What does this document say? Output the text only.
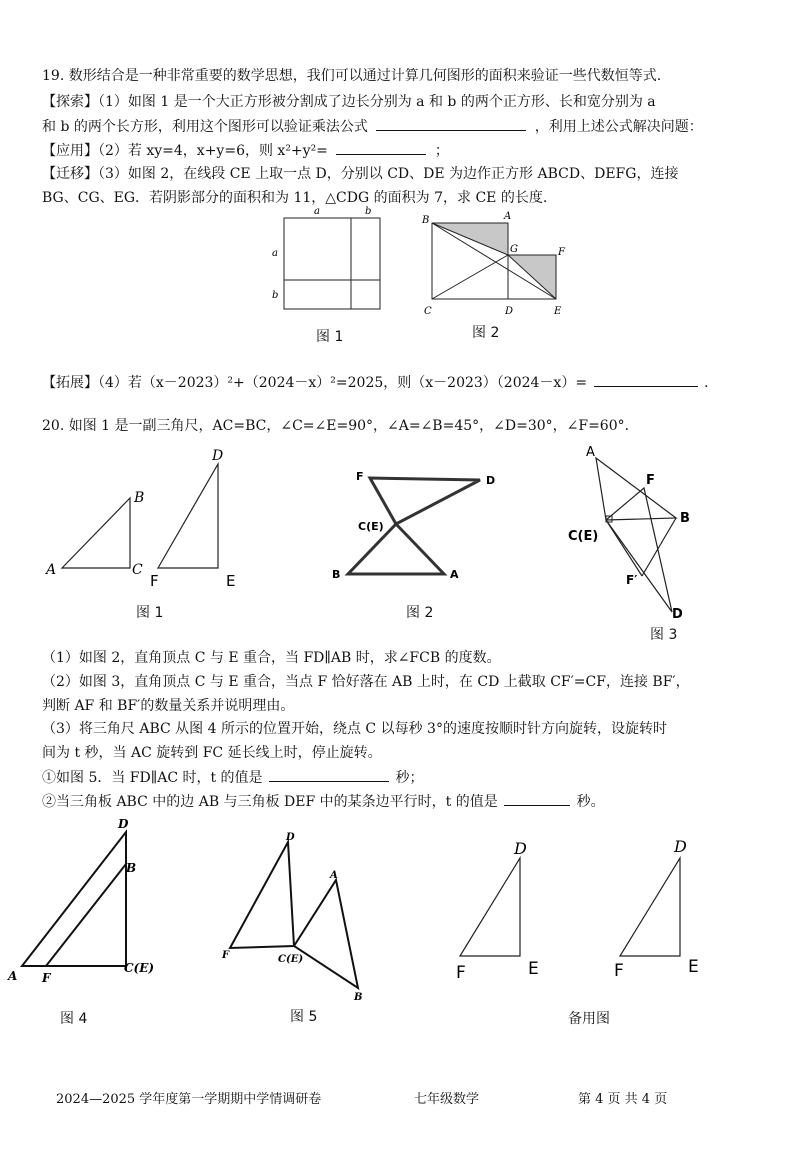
19. 数形结合是一种非常重要的数学思想，我们可以通过计算几何图形的面积来验证一些代数恒等式.
【探索】（1）如图 1 是一个大正方形被分割成了边长分别为 a 和 b 的两个正方形、长和宽分别为 a
和 b 的两个长方形，利用这个图形可以验证乘法公式	，利用上述公式解决问题：
【应用】（2）若 xy=4，x+y=6，则 x²+y²=	；
【迁移】（3）如图 2，在线段 CE 上取一点 D，分别以 CD、DE 为边作正方形 ABCD、DEFG，连接
BG、CG、EG．若阴影部分的面积和为 11，△CDG 的面积为 7，求 CE 的长度.
a	b
a
b
图 1
B	A
G	F
C	D	E
图 2
【拓展】（4）若（x－2023）²+（2024－x）²=2025，则（x－2023）（2024－x）=	.
20. 如图 1 是一副三角尺，AC=BC，∠C=∠E=90°，∠A=∠B=45°，∠D=30°，∠F=60°．
D
B
A	C
F	E
图 1
F	D
C(E)
B	A
图 2
A
F
B
C(E)
F′
D
图 3
（1）如图 2，直角顶点 C 与 E 重合，当 FD∥AB 时，求∠FCB 的度数。
（2）如图 3，直角顶点 C 与 E 重合，当点 F 恰好落在 AB 上时，在 CD 上截取 CF′=CF，连接 BF′，
判断 AF 和 BF′的数量关系并说明理由。
（3）将三角尺 ABC 从图 4 所示的位置开始，绕点 C 以每秒 3°的速度按顺时针方向旋转，设旋转时
间为 t 秒，当 AC 旋转到 FC 延长线上时，停止旋转。
①如图 5．当 FD∥AC 时，t 的值是	秒；
②当三角板 ABC 中的边 AB 与三角板 DEF 中的某条边平行时，t 的值是	秒。
D
B
A F
C(E)
图 4
D
A
F	C(E)
B
图 5
D
F	E
D
F	E
备用图
2024—2025 学年度第一学期期中学情调研卷	七年级数学	第 4 页 共 4 页
